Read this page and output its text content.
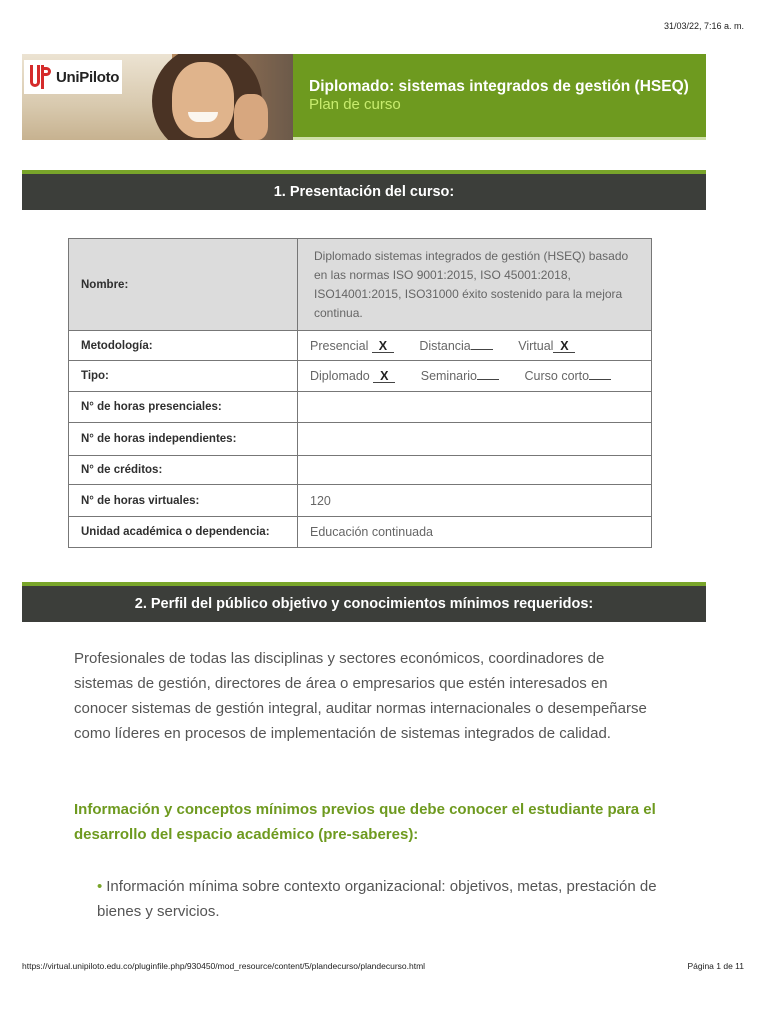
31/03/22, 7:16 a. m.
UniPiloto
Diplomado: sistemas integrados de gestión (HSEQ)
Plan de curso
1. Presentación del curso:
Nombre:	Diplomado sistemas integrados de gestión (HSEQ) basado en las normas ISO 9001:2015, ISO 45001:2018, ISO14001:2015, ISO31000 éxito sostenido para la mejora continua.
Metodología:	Presencial X Distancia Virtual X
Tipo:	Diplomado X Seminario Curso corto
N° de horas presenciales:	
N° de horas independientes:	
N° de créditos:	
N° de horas virtuales:	120
Unidad académica o dependencia:	Educación continuada
2. Perfil del público objetivo y conocimientos mínimos requeridos:
Profesionales de todas las disciplinas y sectores económicos, coordinadores de sistemas de gestión, directores de área o empresarios que estén interesados en conocer sistemas de gestión integral, auditar normas internacionales o desempeñarse como líderes en procesos de implementación de sistemas integrados de calidad.
Información y conceptos mínimos previos que debe conocer el estudiante para el desarrollo del espacio académico (pre-saberes):
• Información mínima sobre contexto organizacional: objetivos, metas, prestación de bienes y servicios.
https://virtual.unipiloto.edu.co/pluginfile.php/930450/mod_resource/content/5/plandecurso/plandecurso.html	Página 1 de 11
